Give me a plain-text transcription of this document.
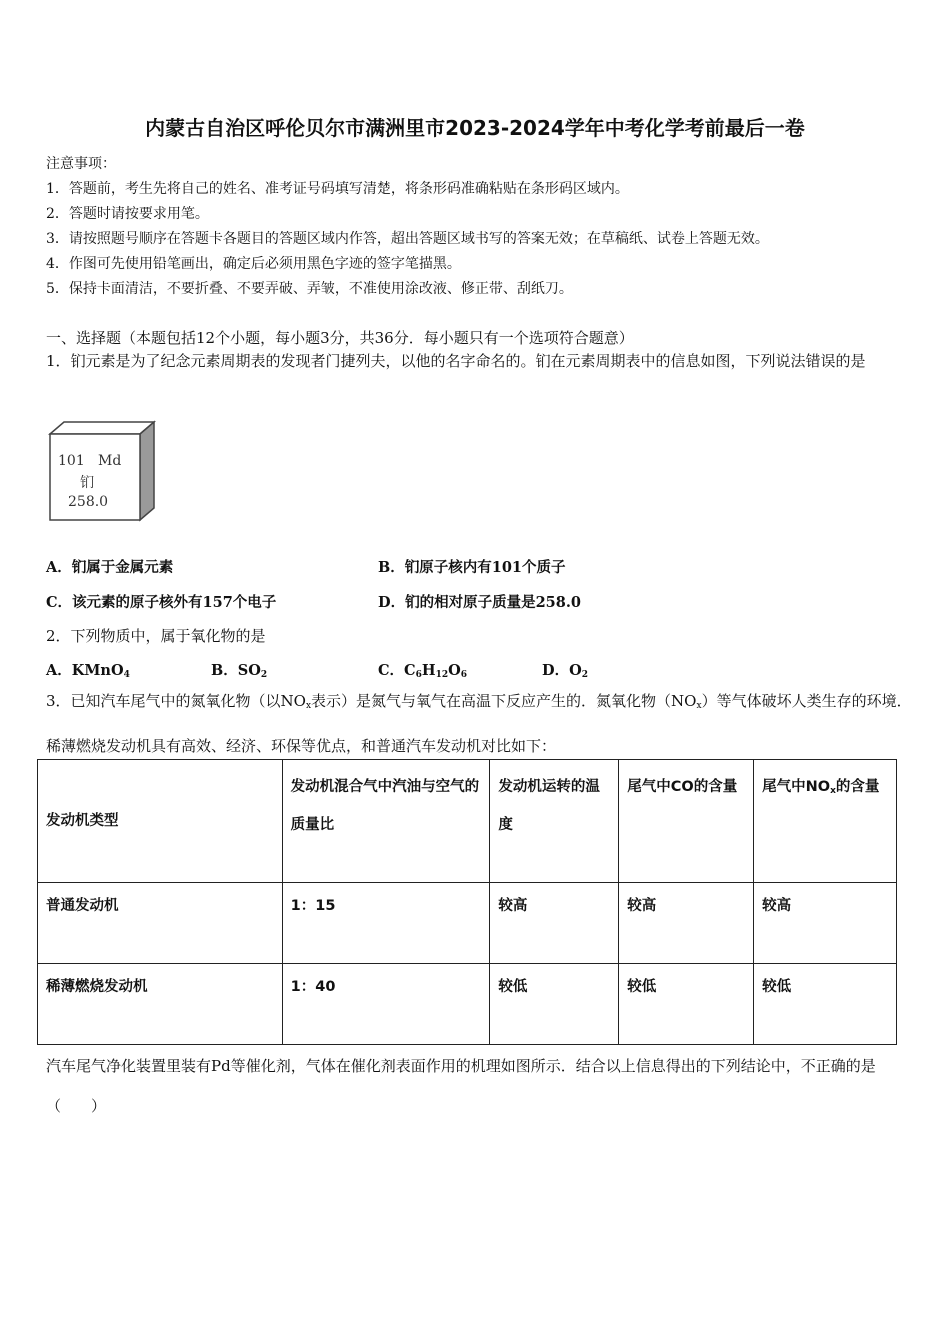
内蒙古自治区呼伦贝尔市满洲里市2023-2024学年中考化学考前最后一卷
注意事项：
1．答题前，考生先将自己的姓名、准考证号码填写清楚，将条形码准确粘贴在条形码区域内。
2．答题时请按要求用笔。
3．请按照题号顺序在答题卡各题目的答题区域内作答，超出答题区域书写的答案无效；在草稿纸、试卷上答题无效。
4．作图可先使用铅笔画出，确定后必须用黑色字迹的签字笔描黑。
5．保持卡面清洁，不要折叠、不要弄破、弄皱，不准使用涂改液、修正带、刮纸刀。
一、选择题（本题包括12个小题，每小题3分，共36分．每小题只有一个选项符合题意）
1．钔元素是为了纪念元素周期表的发现者门捷列夫，以他的名字命名的。钔在元素周期表中的信息如图，下列说法错误的是
101 Md
钔
258.0
A．钔属于金属元素	B．钔原子核内有101个质子
C．该元素的原子核外有157个电子	D．钔的相对原子质量是258.0
2．下列物质中，属于氧化物的是
A．KMnO$_4$	B．$SO_2$	C．$C_6H_{12}O_6$	D．$O_2$
3．已知汽车尾气中的氮氧化物（以$NO_x$表示）是氮气与氧气在高温下反应产生的．氮氧化物$(NO_x)$等气体破坏人类生存的环境．稀薄燃烧发动机具有高效、经济、环保等优点，和普通汽车发动机对比如下：
发动机类型	发动机混合气中汽油与空气的质量比	发动机运转的温度	尾气中CO的含量	尾气中$NO_x$的含量
普通发动机	1：15	较高	较高	较高
稀薄燃烧发动机	1：40	较低	较低	较低
汽车尾气净化装置里装有Pd等催化剂，气体在催化剂表面作用的机理如图所示．结合以上信息得出的下列结论中，不正确的是（　　）
